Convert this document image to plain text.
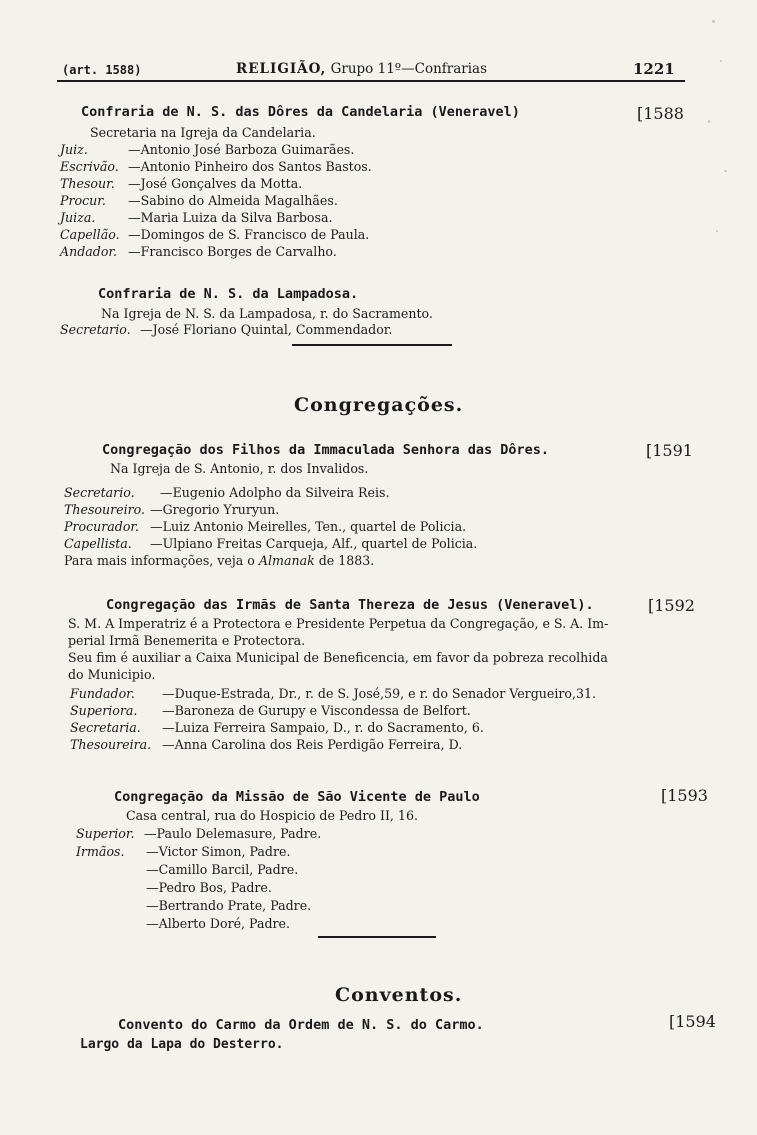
(art. 1588)	RELIGIÃO, Grupo 11º—Confrarias	1221
Confraria de N. S. das Dôres da Candelaria (Veneravel)	[1588
Secretaria na Igreja da Candelaria.
Juiz.	—Antonio José Barboza Guimarães.
Escrivão. —Antonio Pinheiro dos Santos Bastos.
Thesour. —José Gonçalves da Motta.
Procur. —Sabino do Almeida Magalhães.
Juiza.	—Maria Luiza da Silva Barbosa.
Capellão. —Domingos de S. Francisco de Paula.
Andador. —Francisco Borges de Carvalho.
Confraria de N. S. da Lampadosa.
Na Igreja de N. S. da Lampadosa, r. do Sacramento.
Secretario. —José Floriano Quintal, Commendador.
Congregações.
Congregação dos Filhos da Immaculada Senhora das Dôres.	[1591
Na Igreja de S. Antonio, r. dos Invalidos.
Secretario. —Eugenio Adolpho da Silveira Reis.
Thesoureiro. —Gregorio Yruryun.
Procurador. —Luiz Antonio Meirelles, Ten., quartel de Policia.
Capellista. —Ulpiano Freitas Carqueja, Alf., quartel de Policia.
Para mais informações, veja o Almanak de 1883.
Congregação das Irmãs de Santa Thereza de Jesus (Veneravel).	[1592
S. M. A Imperatriz é a Protectora e Presidente Perpetua da Congregação, e S. A. Im-
perial Irmã Benemerita e Protectora.
Seu fim é auxiliar a Caixa Municipal de Beneficencia, em favor da pobreza recolhida
do Municipio.
Fundador. —Duque-Estrada, Dr., r. de S. José,59, e r. do Senador Vergueiro,31.
Superiora. —Baroneza de Gurupy e Viscondessa de Belfort.
Secretaria. —Luiza Ferreira Sampaio, D., r. do Sacramento, 6.
Thesoureira. —Anna Carolina dos Reis Perdigão Ferreira, D.
Congregação da Missão de São Vicente de Paulo	[1593
Casa central, rua do Hospicio de Pedro II, 16.
Superior. —Paulo Delemasure, Padre.
Irmãos. —Victor Simon, Padre.
—Camillo Barcil, Padre.
—Pedro Bos, Padre.
—Bertrando Prate, Padre.
—Alberto Doré, Padre.
Conventos.
Convento do Carmo da Ordem de N. S. do Carmo.	[1594
Largo da Lapa do Desterro.
